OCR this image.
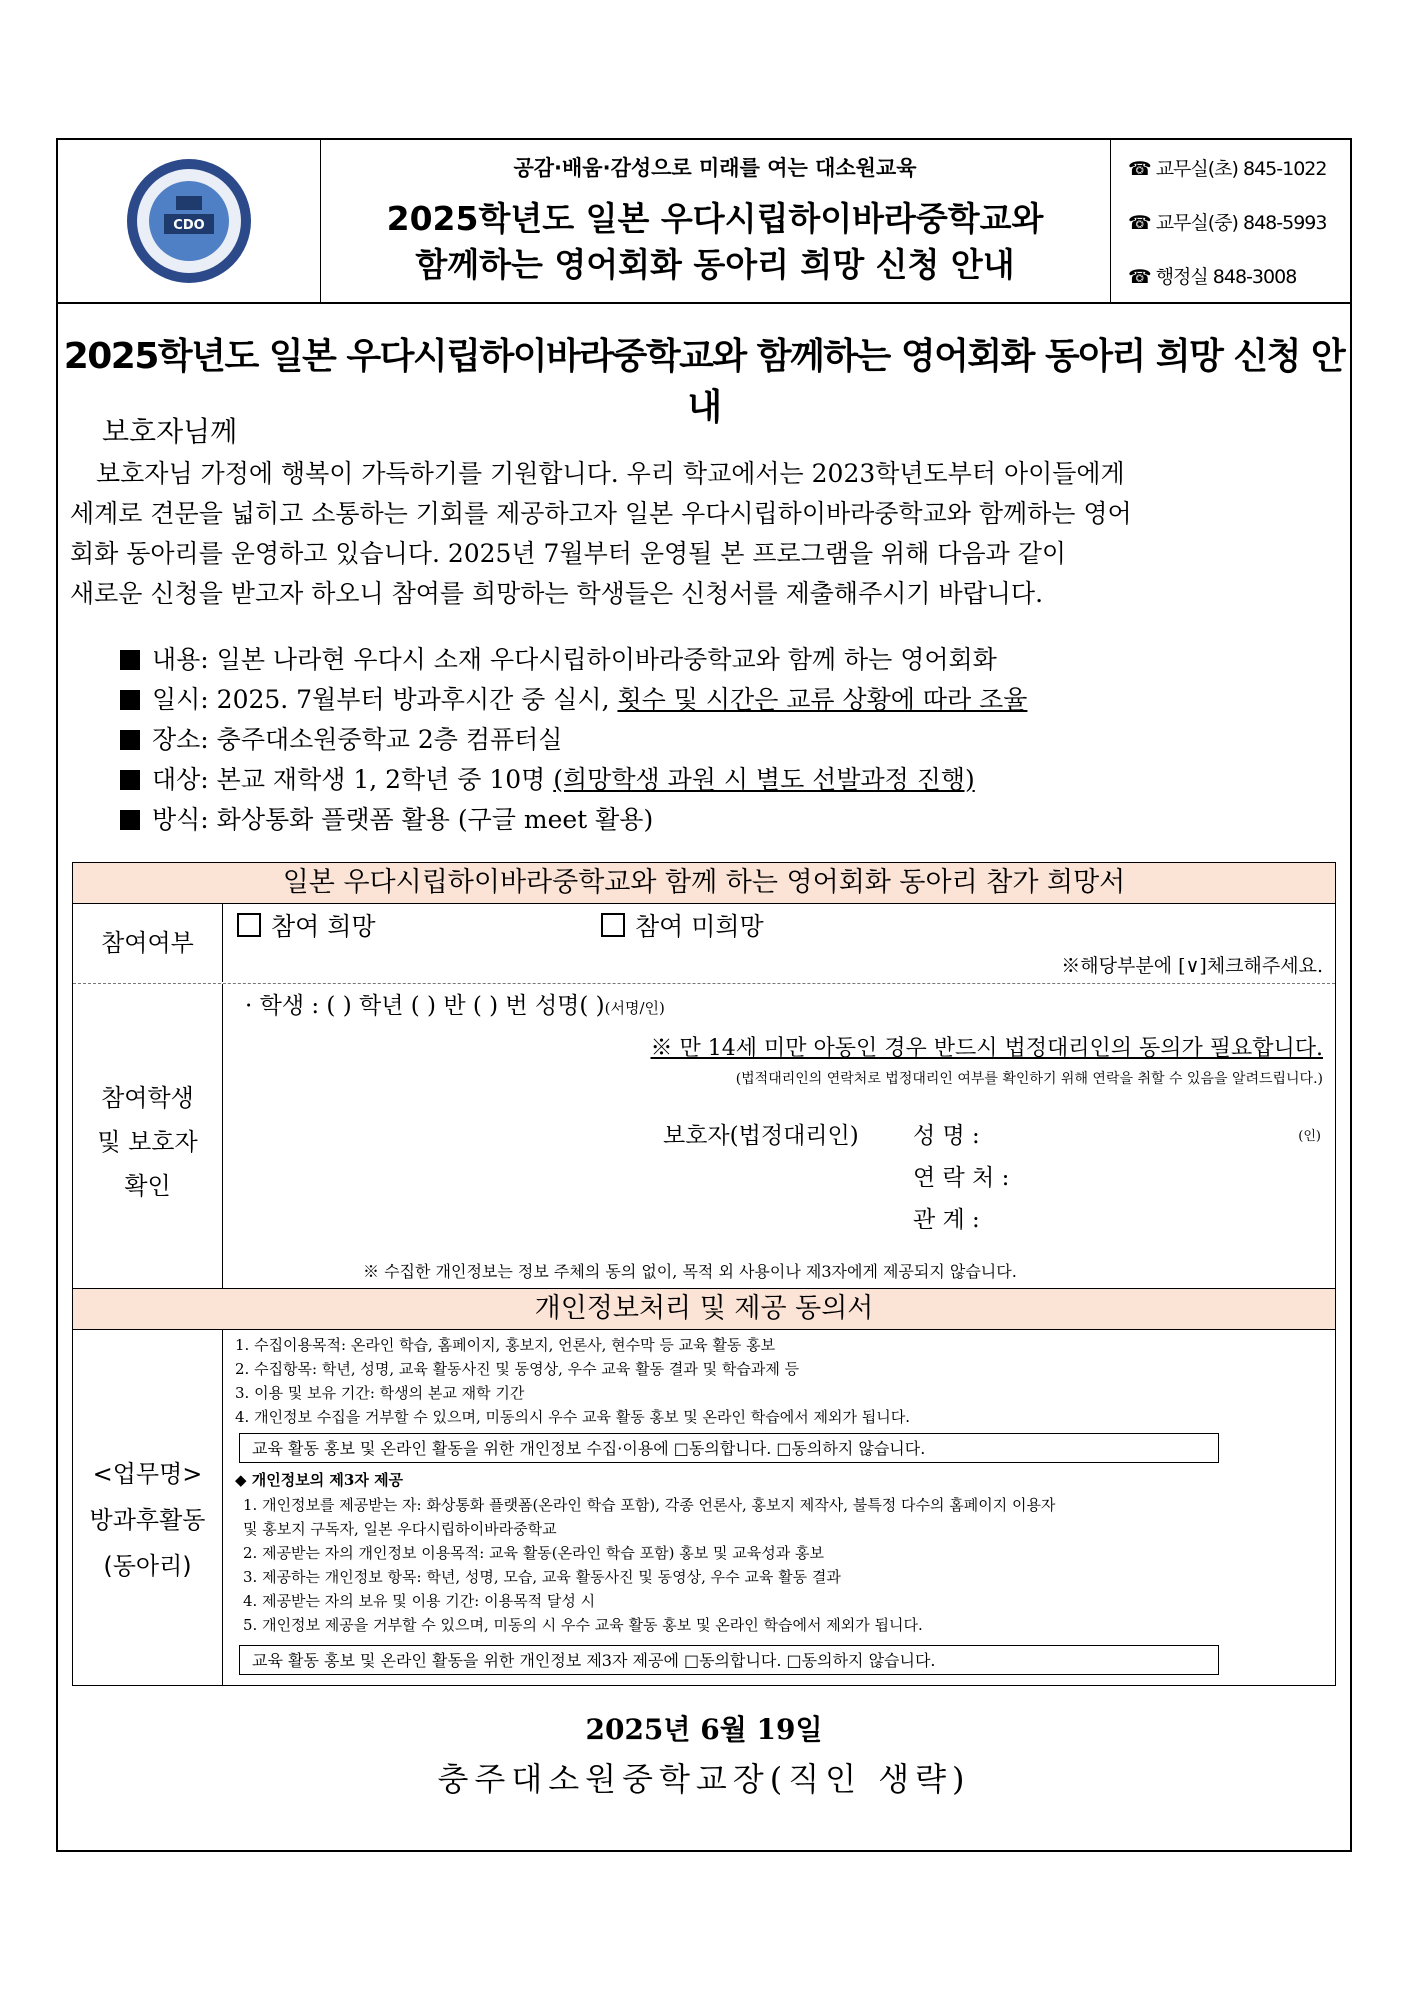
CDO
공감·배움·감성으로 미래를 여는 대소원교육
2025학년도 일본 우다시립하이바라중학교와
함께하는 영어회화 동아리 희망 신청 안내
☎ 교무실(초) 845-1022
☎ 교무실(중) 848-5993
☎ 행정실 848-3008
2025학년도 일본 우다시립하이바라중학교와 함께하는 영어회화 동아리 희망 신청 안내
보호자님께
보호자님 가정에 행복이 가득하기를 기원합니다. 우리 학교에서는 2023학년도부터 아이들에게
세계로 견문을 넓히고 소통하는 기회를 제공하고자 일본 우다시립하이바라중학교와 함께하는 영어
회화 동아리를 운영하고 있습니다. 2025년 7월부터 운영될 본 프로그램을 위해 다음과 같이
새로운 신청을 받고자 하오니 참여를 희망하는 학생들은 신청서를 제출해주시기 바랍니다.
내용: 일본 나라현 우다시 소재 우다시립하이바라중학교와 함께 하는 영어회화
일시: 2025. 7월부터 방과후시간 중 실시, 횟수 및 시간은 교류 상황에 따라 조율
장소: 충주대소원중학교 2층 컴퓨터실
대상: 본교 재학생 1, 2학년 중 10명 (희망학생 과원 시 별도 선발과정 진행)
방식: 화상통화 플랫폼 활용 (구글 meet 활용)
일본 우다시립하이바라중학교와 함께 하는 영어회화 동아리 참가 희망서
참여여부
참여 희망	참여 미희망
※해당부분에 [∨]체크해주세요.
참여학생
및 보호자
확인
· 학생 : ( ) 학년 ( ) 반 ( ) 번 성명( )(서명/인)
※ 만 14세 미만 아동인 경우 반드시 법정대리인의 동의가 필요합니다.
(법적대리인의 연락처로 법정대리인 여부를 확인하기 위해 연락을 취할 수 있음을 알려드립니다.)
보호자(법정대리인) 성 명 :	(인)
연 락 처 :
관 계 :
※ 수집한 개인정보는 정보 주체의 동의 없이, 목적 외 사용이나 제3자에게 제공되지 않습니다.
개인정보처리 및 제공 동의서
<업무명>
방과후활동
(동아리)
1. 수집이용목적: 온라인 학습, 홈페이지, 홍보지, 언론사, 현수막 등 교육 활동 홍보
2. 수집항목: 학년, 성명, 교육 활동사진 및 동영상, 우수 교육 활동 결과 및 학습과제 등
3. 이용 및 보유 기간: 학생의 본교 재학 기간
4. 개인정보 수집을 거부할 수 있으며, 미동의시 우수 교육 활동 홍보 및 온라인 학습에서 제외가 됩니다.
교육 활동 홍보 및 온라인 활동을 위한 개인정보 수집·이용에 □동의합니다. □동의하지 않습니다.
◆ 개인정보의 제3자 제공
1. 개인정보를 제공받는 자: 화상통화 플랫폼(온라인 학습 포함), 각종 언론사, 홍보지 제작사, 불특정 다수의 홈페이지 이용자
및 홍보지 구독자, 일본 우다시립하이바라중학교
2. 제공받는 자의 개인정보 이용목적: 교육 활동(온라인 학습 포함) 홍보 및 교육성과 홍보
3. 제공하는 개인정보 항목: 학년, 성명, 모습, 교육 활동사진 및 동영상, 우수 교육 활동 결과
4. 제공받는 자의 보유 및 이용 기간: 이용목적 달성 시
5. 개인정보 제공을 거부할 수 있으며, 미동의 시 우수 교육 활동 홍보 및 온라인 학습에서 제외가 됩니다.
교육 활동 홍보 및 온라인 활동을 위한 개인정보 제3자 제공에 □동의합니다. □동의하지 않습니다.
2025년 6월 19일
충주대소원중학교장(직인 생략)
